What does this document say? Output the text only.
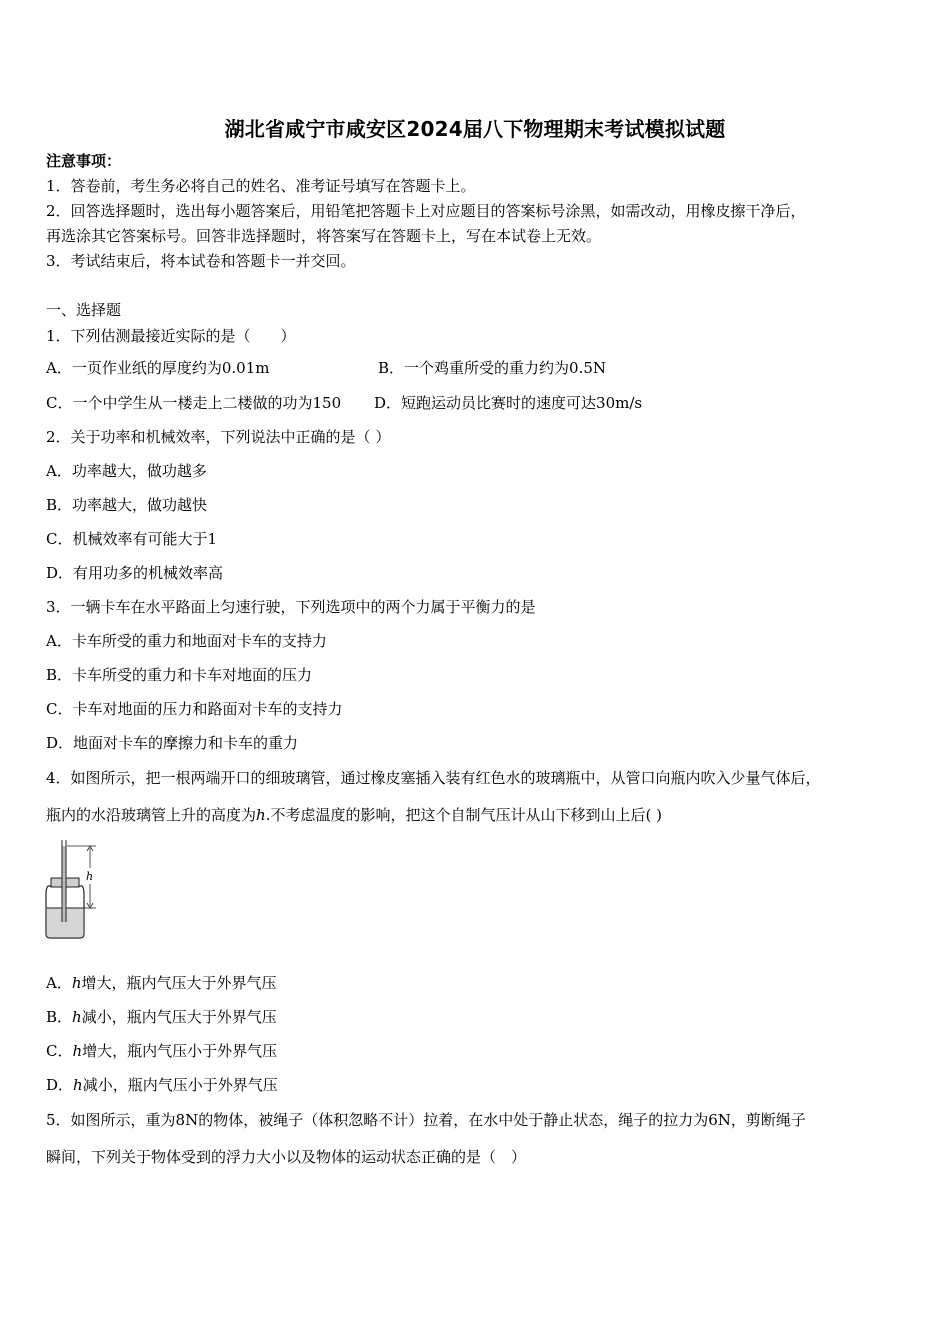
湖北省咸宁市咸安区2024届八下物理期末考试模拟试题
注意事项：
1．答卷前，考生务必将自己的姓名、准考证号填写在答题卡上。
2．回答选择题时，选出每小题答案后，用铅笔把答题卡上对应题目的答案标号涂黑，如需改动，用橡皮擦干净后，
再选涂其它答案标号。回答非选择题时，将答案写在答题卡上，写在本试卷上无效。
3．考试结束后，将本试卷和答题卡一并交回。
一、选择题
1．下列估测最接近实际的是（　　）
A．一页作业纸的厚度约为0.01m	B．一个鸡重所受的重力约为0.5N
C．一个中学生从一楼走上二楼做的功为150 D．短跑运动员比赛时的速度可达30m/s
2．关于功率和机械效率，下列说法中正确的是（ ）
A．功率越大，做功越多
B．功率越大，做功越快
C．机械效率有可能大于1
D．有用功多的机械效率高
3．一辆卡车在水平路面上匀速行驶，下列选项中的两个力属于平衡力的是
A．卡车所受的重力和地面对卡车的支持力
B．卡车所受的重力和卡车对地面的压力
C．卡车对地面的压力和路面对卡车的支持力
D．地面对卡车的摩擦力和卡车的重力
4．如图所示，把一根两端开口的细玻璃管，通过橡皮塞插入装有红色水的玻璃瓶中，从管口向瓶内吹入少量气体后，
瓶内的水沿玻璃管上升的高度为h.不考虑温度的影响，把这个自制气压计从山下移到山上后( )
h
A．h增大，瓶内气压大于外界气压
B．h减小，瓶内气压大于外界气压
C．h增大，瓶内气压小于外界气压
D．h减小，瓶内气压小于外界气压
5．如图所示，重为8N的物体，被绳子（体积忽略不计）拉着，在水中处于静止状态，绳子的拉力为6N，剪断绳子
瞬间，下列关于物体受到的浮力大小以及物体的运动状态正确的是（　）
